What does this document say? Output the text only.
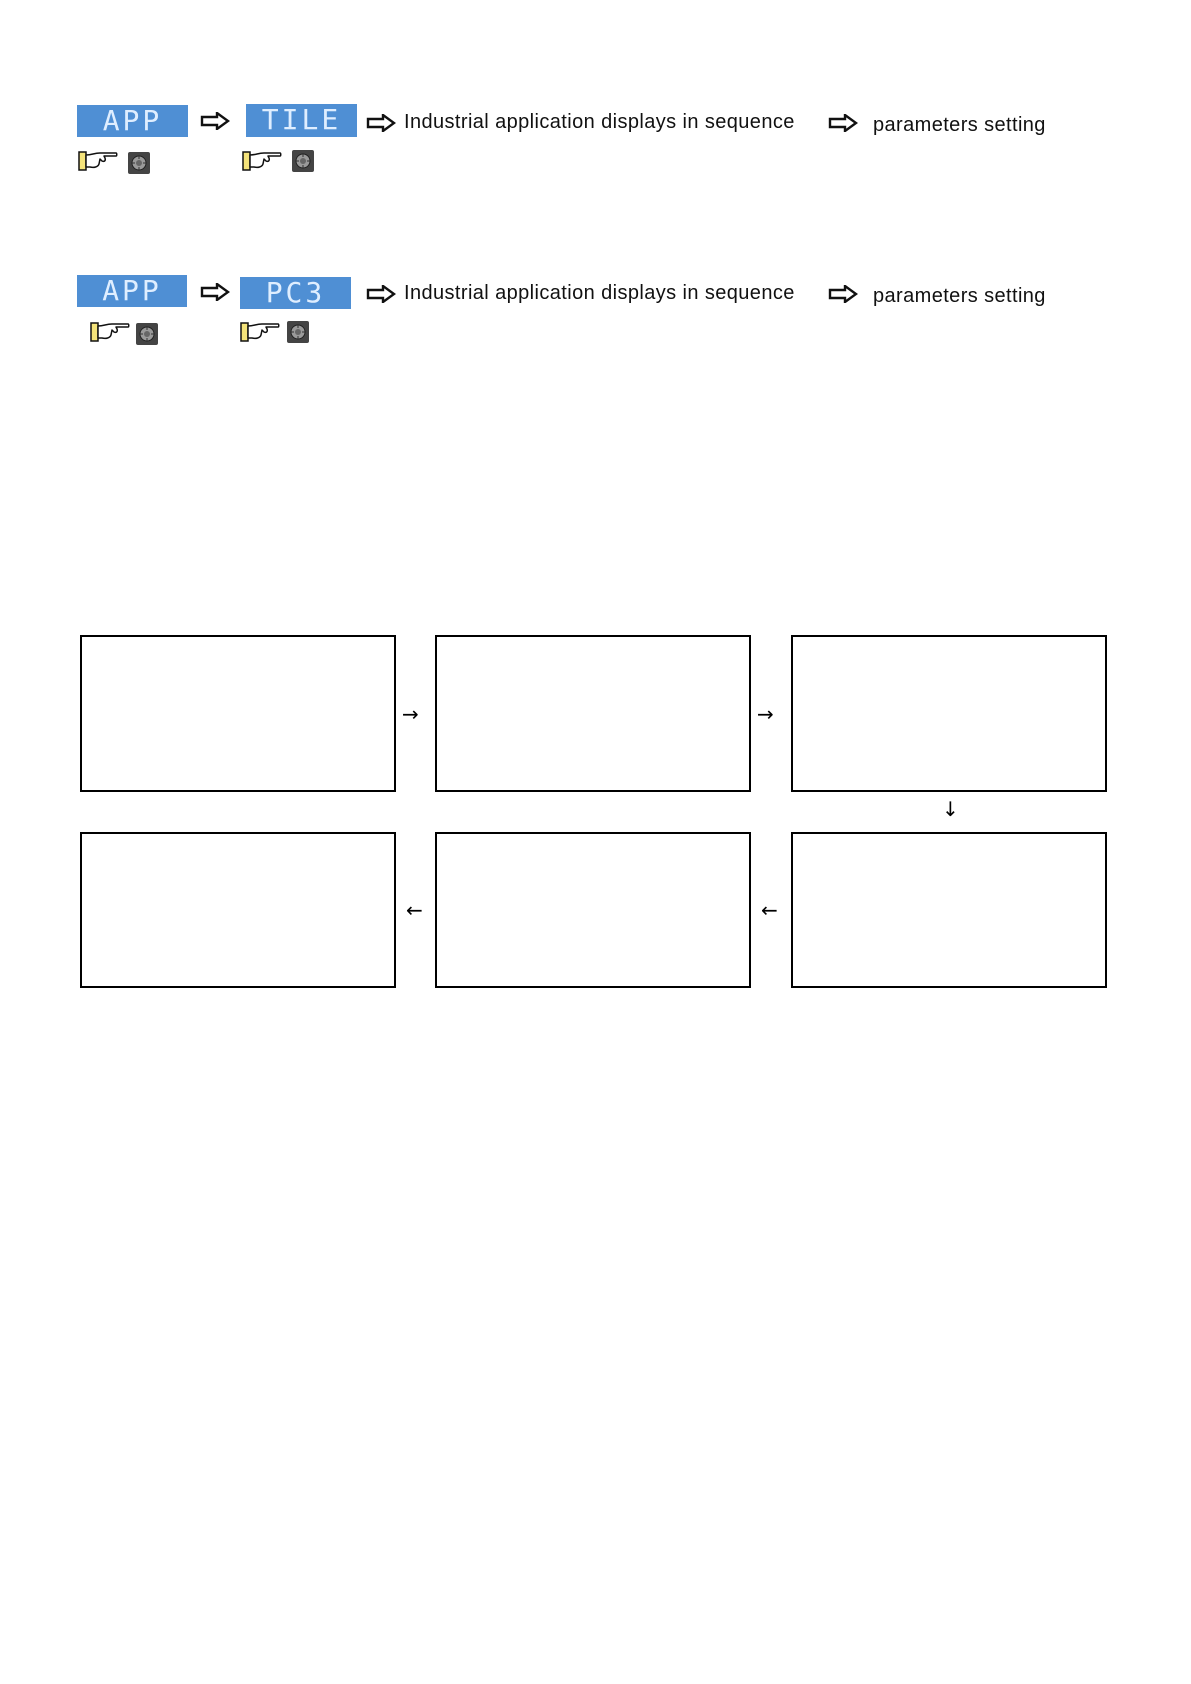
APP	TILE	Industrial application displays in sequence	parameters setting
APP	PC3	Industrial application displays in sequence	parameters setting
→	→
↓
←	←
